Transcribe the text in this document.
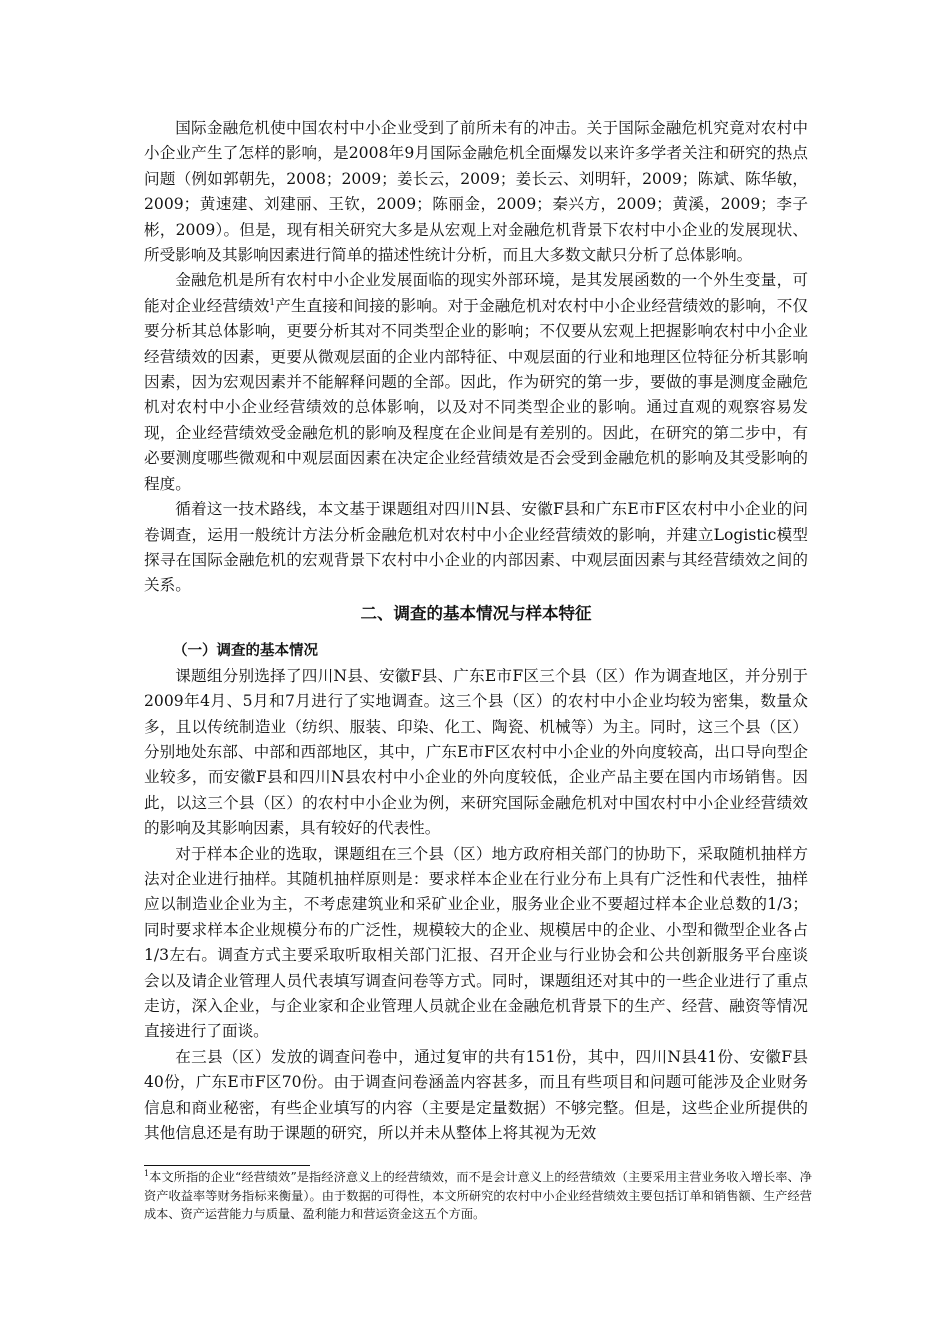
国际金融危机使中国农村中小企业受到了前所未有的冲击。关于国际金融危机究竟对农村中小企业产生了怎样的影响，是2008年9月国际金融危机全面爆发以来许多学者关注和研究的热点问题（例如郭朝先，2008；2009；姜长云，2009；姜长云、刘明轩，2009；陈斌、陈华敏，2009；黄速建、刘建丽、王钦，2009；陈丽金，2009；秦兴方，2009；黄溪，2009；李子彬，2009）。但是，现有相关研究大多是从宏观上对金融危机背景下农村中小企业的发展现状、所受影响及其影响因素进行简单的描述性统计分析，而且大多数文献只分析了总体影响。

金融危机是所有农村中小企业发展面临的现实外部环境，是其发展函数的一个外生变量，可能对企业经营绩效$^1$产生直接和间接的影响。对于金融危机对农村中小企业经营绩效的影响，不仅要分析其总体影响，更要分析其对不同类型企业的影响；不仅要从宏观上把握影响农村中小企业经营绩效的因素，更要从微观层面的企业内部特征、中观层面的行业和地理区位特征分析其影响因素，因为宏观因素并不能解释问题的全部。因此，作为研究的第一步，要做的事是测度金融危机对农村中小企业经营绩效的总体影响，以及对不同类型企业的影响。通过直观的观察容易发现，企业经营绩效受金融危机的影响及程度在企业间是有差别的。因此，在研究的第二步中，有必要测度哪些微观和中观层面因素在决定企业经营绩效是否会受到金融危机的影响及其受影响的程度。

循着这一技术路线，本文基于课题组对四川N县、安徽F县和广东E市F区农村中小企业的问卷调查，运用一般统计方法分析金融危机对农村中小企业经营绩效的影响，并建立Logistic模型探寻在国际金融危机的宏观背景下农村中小企业的内部因素、中观层面因素与其经营绩效之间的关系。

二、调查的基本情况与样本特征
（一）调查的基本情况

课题组分别选择了四川N县、安徽F县、广东E市F区三个县（区）作为调查地区，并分别于2009年4月、5月和7月进行了实地调查。这三个县（区）的农村中小企业均较为密集，数量众多，且以传统制造业（纺织、服装、印染、化工、陶瓷、机械等）为主。同时，这三个县（区）分别地处东部、中部和西部地区，其中，广东E市F区农村中小企业的外向度较高，出口导向型企业较多，而安徽F县和四川N县农村中小企业的外向度较低，企业产品主要在国内市场销售。因此，以这三个县（区）的农村中小企业为例，来研究国际金融危机对中国农村中小企业经营绩效的影响及其影响因素，具有较好的代表性。

对于样本企业的选取，课题组在三个县（区）地方政府相关部门的协助下，采取随机抽样方法对企业进行抽样。其随机抽样原则是：要求样本企业在行业分布上具有广泛性和代表性，抽样应以制造业企业为主，不考虑建筑业和采矿业企业，服务业企业不要超过样本企业总数的1/3；同时要求样本企业规模分布的广泛性，规模较大的企业、规模居中的企业、小型和微型企业各占1/3左右。调查方式主要采取听取相关部门汇报、召开企业与行业协会和公共创新服务平台座谈会以及请企业管理人员代表填写调查问卷等方式。同时，课题组还对其中的一些企业进行了重点走访，深入企业，与企业家和企业管理人员就企业在金融危机背景下的生产、经营、融资等情况直接进行了面谈。

在三县（区）发放的调查问卷中，通过复审的共有151份，其中，四川N县41份、安徽F县40份，广东E市F区70份。由于调查问卷涵盖内容甚多，而且有些项目和问题可能涉及企业财务信息和商业秘密，有些企业填写的内容（主要是定量数据）不够完整。但是，这些企业所提供的其他信息还是有助于课题的研究，所以并未从整体上将其视为无效

$^1$本文所指的企业“经营绩效”是指经济意义上的经营绩效，而不是会计意义上的经营绩效（主要采用主营业务收入增长率、净资产收益率等财务指标来衡量）。由于数据的可得性，本文所研究的农村中小企业经营绩效主要包括订单和销售额、生产经营成本、资产运营能力与质量、盈利能力和营运资金这五个方面。
